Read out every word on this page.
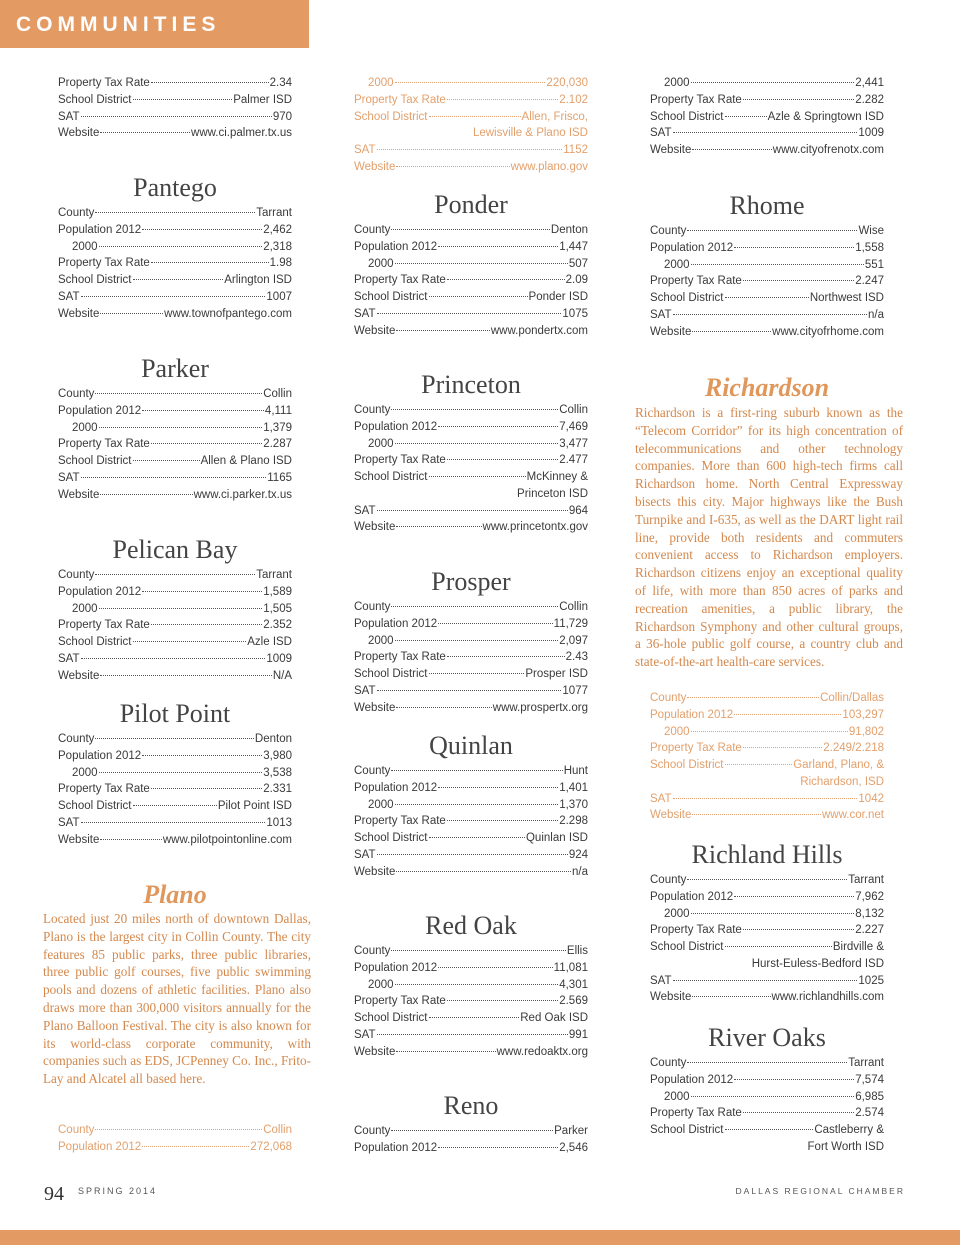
COMMUNITIES
Property Tax Rate	2.34
School District	Palmer ISD
SAT	970
Website	www.ci.palmer.tx.us
Pantego
County	Tarrant
Population 2012	2,462
2000	2,318
Property Tax Rate	1.98
School District	Arlington ISD
SAT	1007
Website	www.townofpantego.com
Parker
County	Collin
Population 2012	4,111
2000	1,379
Property Tax Rate	2.287
School District	Allen & Plano ISD
SAT	1165
Website	www.ci.parker.tx.us
Pelican Bay
County	Tarrant
Population 2012	1,589
2000	1,505
Property Tax Rate	2.352
School District	Azle ISD
SAT	1009
Website	N/A
Pilot Point
County	Denton
Population 2012	3,980
2000	3,538
Property Tax Rate	2.331
School District	Pilot Point ISD
SAT	1013
Website	www.pilotpointonline.com
Plano
County	Collin
Population 2012	272,068
2000	220,030
Property Tax Rate	2.102
School District	Allen, Frisco,
Lewisville & Plano ISD
SAT	1152
Website	www.plano.gov
Ponder
County	Denton
Population 2012	1,447
2000	507
Property Tax Rate	2.09
School District	Ponder ISD
SAT	1075
Website	www.pondertx.com
Princeton
County	Collin
Population 2012	7,469
2000	3,477
Property Tax Rate	2.477
School District	McKinney &
Princeton ISD
SAT	964
Website	www.princetontx.gov
Prosper
County	Collin
Population 2012	11,729
2000	2,097
Property Tax Rate	2.43
School District	Prosper ISD
SAT	1077
Website	www.prospertx.org
Quinlan
County	Hunt
Population 2012	1,401
2000	1,370
Property Tax Rate	2.298
School District	Quinlan ISD
SAT	924
Website	n/a
Red Oak
County	Ellis
Population 2012	11,081
2000	4,301
Property Tax Rate	2.569
School District	Red Oak ISD
SAT	991
Website	www.redoaktx.org
Reno
County	Parker
Population 2012	2,546
2000	2,441
Property Tax Rate	2.282
School District	Azle & Springtown ISD
SAT	1009
Website	www.cityofrenotx.com
Rhome
County	Wise
Population 2012	1,558
2000	551
Property Tax Rate	2.247
School District	Northwest ISD
SAT	n/a
Website	www.cityofrhome.com
Richardson
County	Collin/Dallas
Population 2012	103,297
2000	91,802
Property Tax Rate	2.249/2.218
School District	Garland, Plano, &
Richardson, ISD
SAT	1042
Website	www.cor.net
Richland Hills
County	Tarrant
Population 2012	7,962
2000	8,132
Property Tax Rate	2.227
School District	Birdville &
Hurst-Euless-Bedford ISD
SAT	1025
Website	www.richlandhills.com
River Oaks
County	Tarrant
Population 2012	7,574
2000	6,985
Property Tax Rate	2.574
School District	Castleberry &
Fort Worth ISD
Located just 20 miles north of downtown Dallas, Plano is the largest city in Collin County. The city features 85 public parks, three public libraries, three public golf courses, five public swimming pools and dozens of athletic facilities. Plano also draws more than 300,000 visitors annually for the Plano Balloon Festival. The city is also known for its world-class corporate community, with companies such as EDS, JCPenney Co. Inc., Frito-Lay and Alcatel all based here.
Richardson is a first-ring suburb known as the “Telecom Corridor” for its high concentration of telecommunications and other technology companies. More than 600 high-tech firms call Richardson home. North Central Expressway bisects this city. Major highways like the Bush Turnpike and I-635, as well as the DART light rail line, provide both residents and commuters convenient access to Richardson employers. Richardson citizens enjoy an exceptional quality of life, with more than 850 acres of parks and recreation amenities, a public library, the Richardson Symphony and other cultural groups, a 36-hole public golf course, a country club and state-of-the-art health-care services.
94 SPRING 2014	DALLAS REGIONAL CHAMBER
